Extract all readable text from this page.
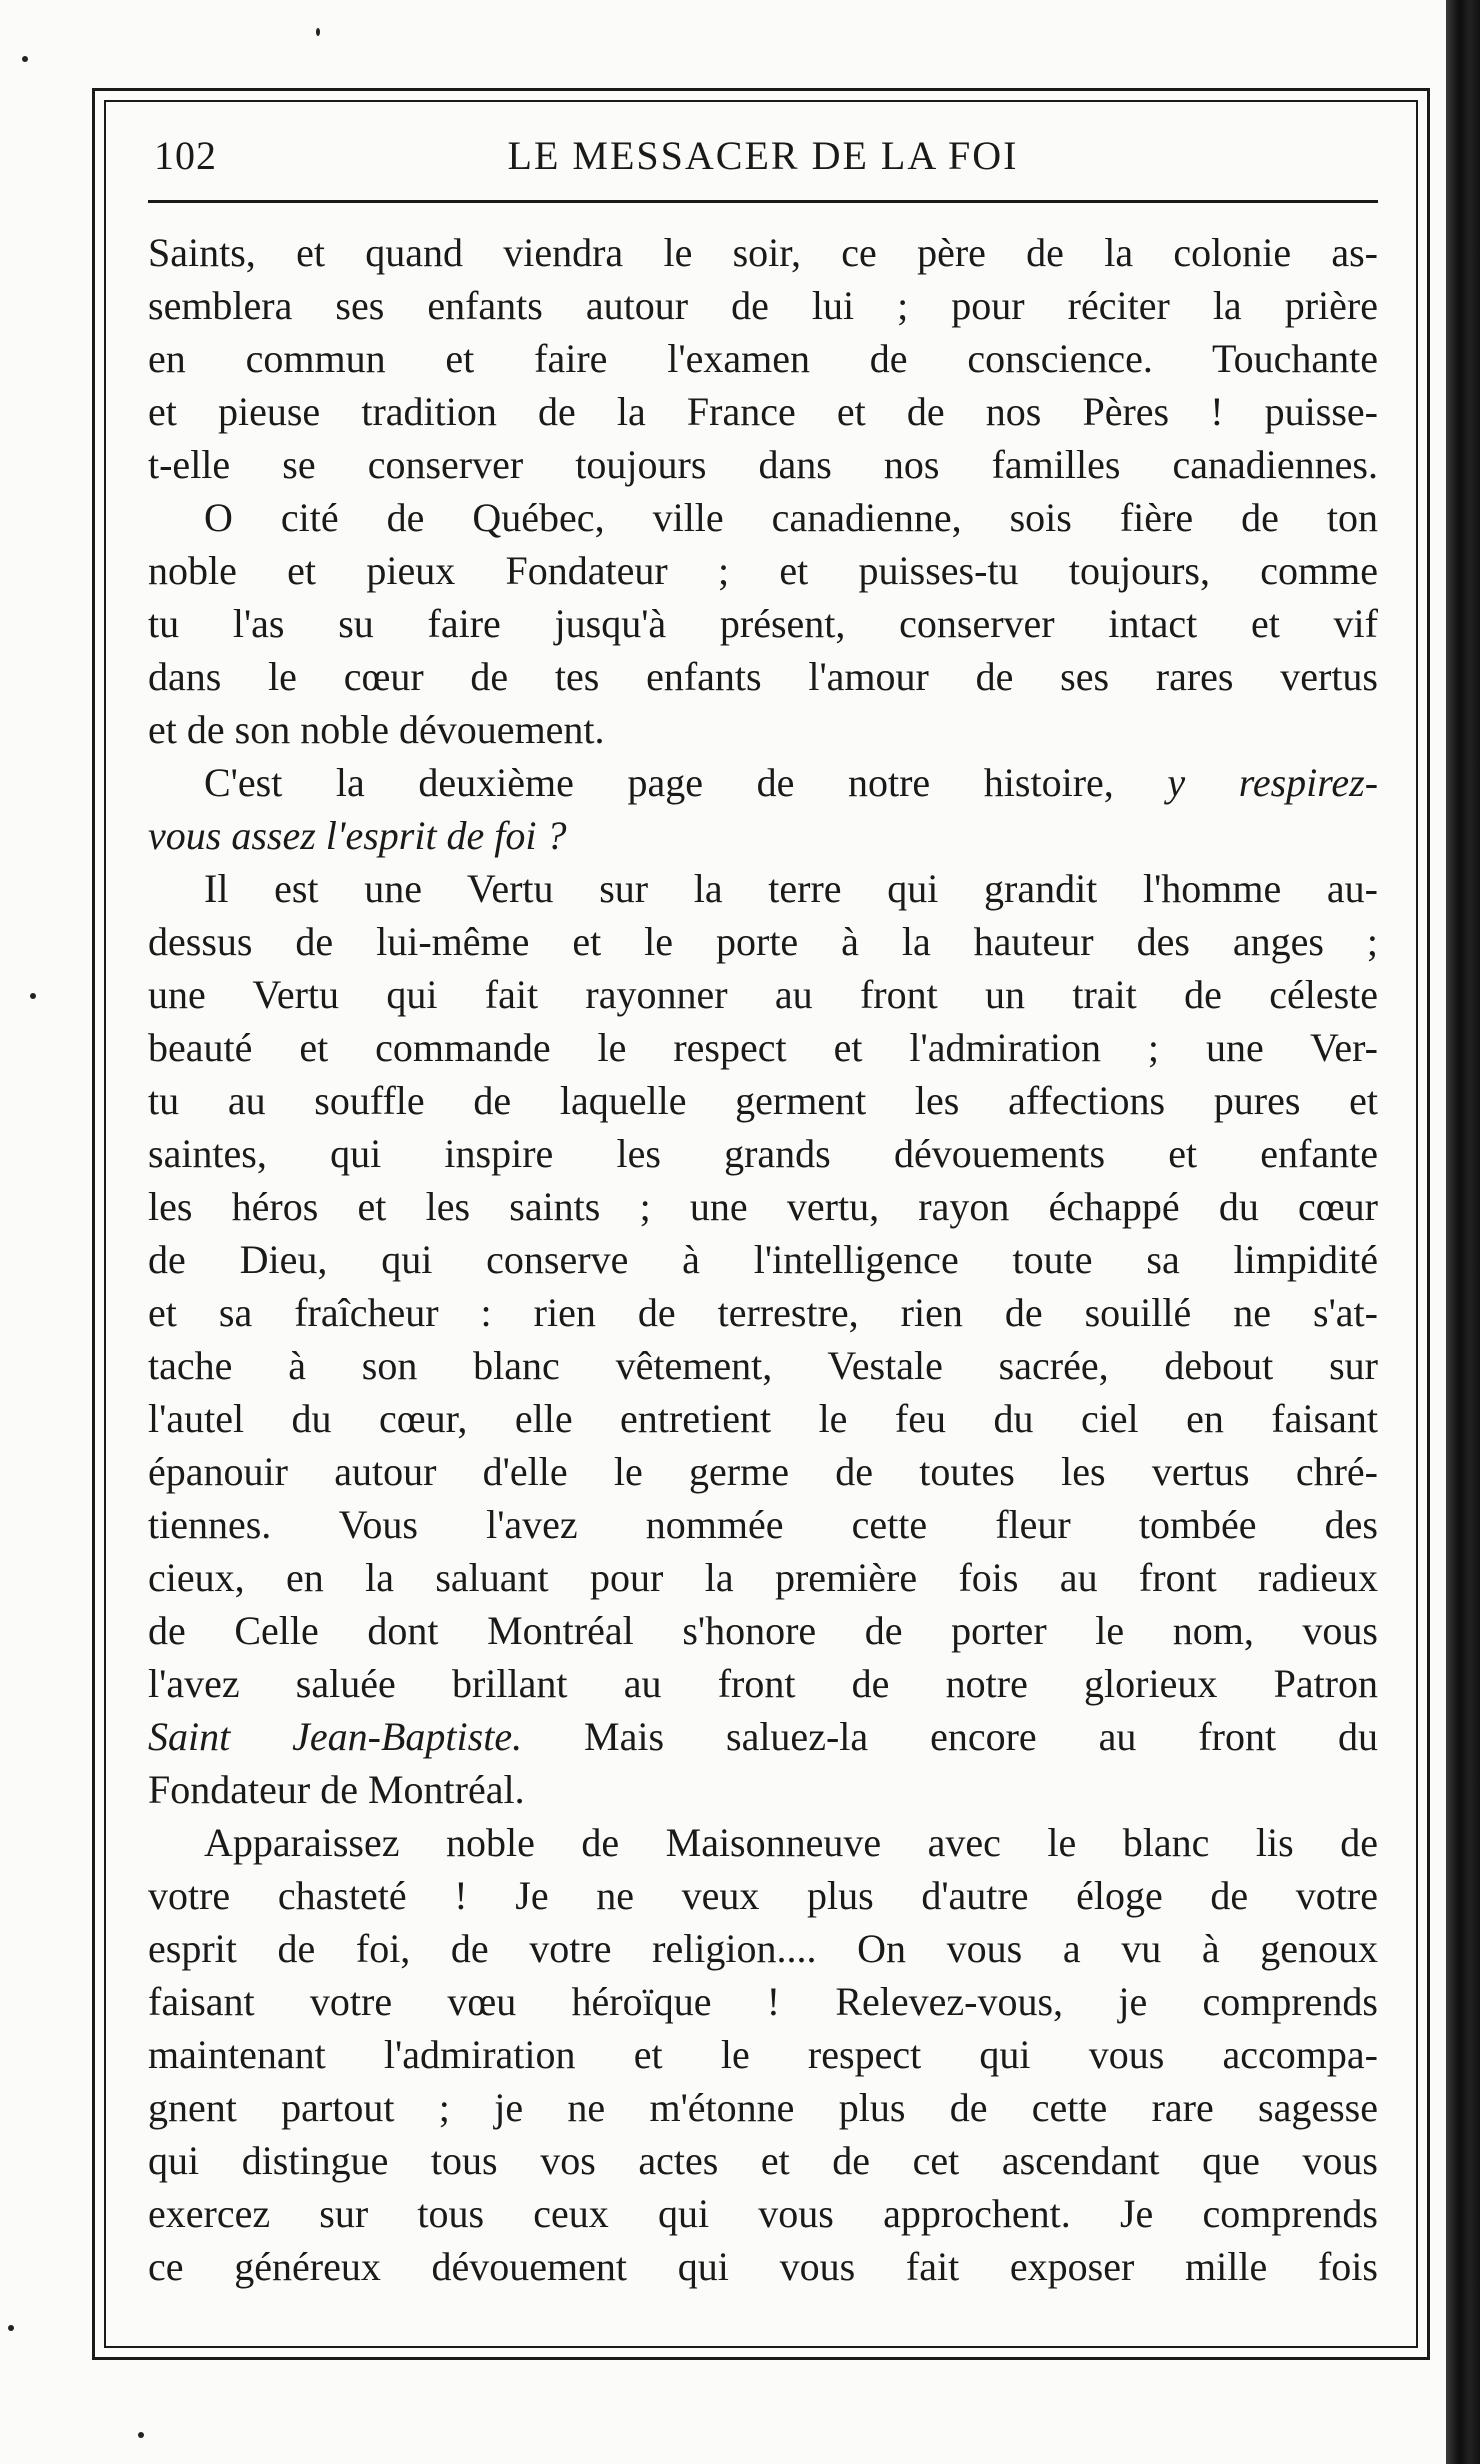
102	LE MESSACER DE LA FOI
Saints, et quand viendra le soir, ce père de la colonie as-
semblera ses enfants autour de lui ; pour réciter la prière
en commun et faire l'examen de conscience. Touchante
et pieuse tradition de la France et de nos Pères ! puisse-
t-elle se conserver toujours dans nos familles canadiennes.
O cité de Québec, ville canadienne, sois fière de ton
noble et pieux Fondateur ; et puisses-tu toujours, comme
tu l'as su faire jusqu'à présent, conserver intact et vif
dans le cœur de tes enfants l'amour de ses rares vertus
et de son noble dévouement.
C'est la deuxième page de notre histoire, y respirez-
vous assez l'esprit de foi ?
Il est une Vertu sur la terre qui grandit l'homme au-
dessus de lui-même et le porte à la hauteur des anges ;
une Vertu qui fait rayonner au front un trait de céleste
beauté et commande le respect et l'admiration ; une Ver-
tu au souffle de laquelle germent les affections pures et
saintes, qui inspire les grands dévouements et enfante
les héros et les saints ; une vertu, rayon échappé du cœur
de Dieu, qui conserve à l'intelligence toute sa limpidité
et sa fraîcheur : rien de terrestre, rien de souillé ne s'at-
tache à son blanc vêtement, Vestale sacrée, debout sur
l'autel du cœur, elle entretient le feu du ciel en faisant
épanouir autour d'elle le germe de toutes les vertus chré-
tiennes. Vous l'avez nommée cette fleur tombée des
cieux, en la saluant pour la première fois au front radieux
de Celle dont Montréal s'honore de porter le nom, vous
l'avez saluée brillant au front de notre glorieux Patron
Saint Jean-Baptiste. Mais saluez-la encore au front du
Fondateur de Montréal.
Apparaissez noble de Maisonneuve avec le blanc lis de
votre chasteté ! Je ne veux plus d'autre éloge de votre
esprit de foi, de votre religion.... On vous a vu à genoux
faisant votre vœu héroïque ! Relevez-vous, je comprends
maintenant l'admiration et le respect qui vous accompa-
gnent partout ; je ne m'étonne plus de cette rare sagesse
qui distingue tous vos actes et de cet ascendant que vous
exercez sur tous ceux qui vous approchent. Je comprends
ce généreux dévouement qui vous fait exposer mille fois
